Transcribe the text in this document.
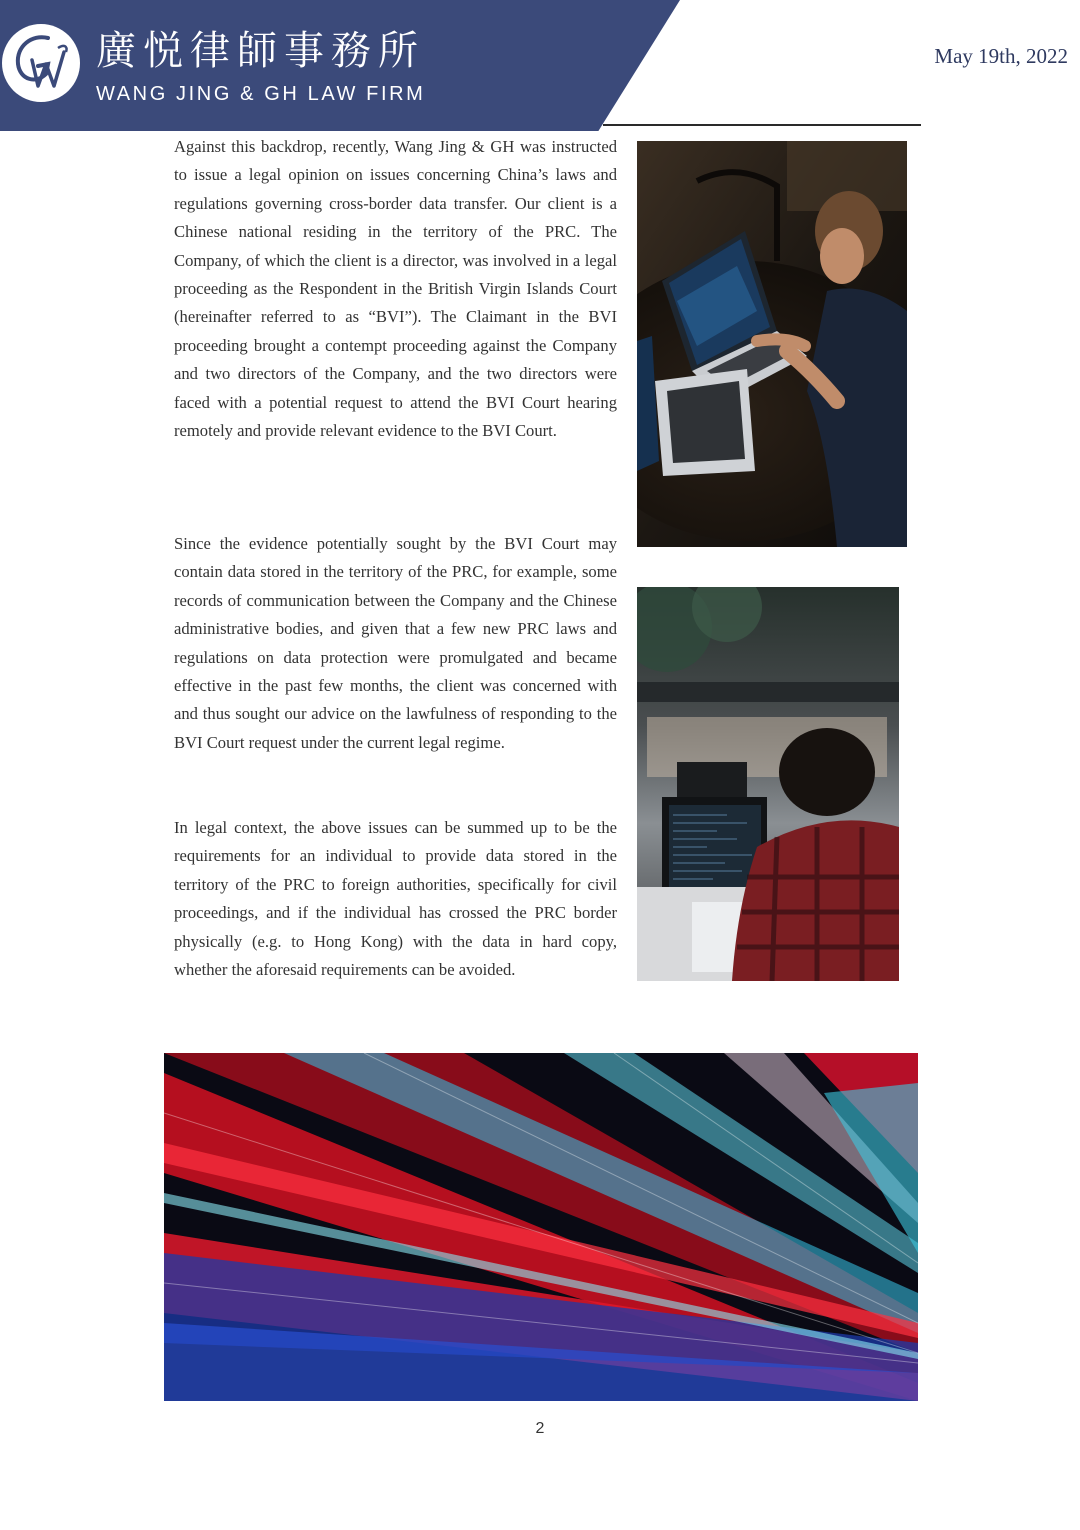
廣悦律師事務所
WANG JING & GH LAW FIRM
May 19th, 2022

Against this backdrop, recently, Wang Jing & GH was instructed to issue a legal opinion on issues concerning China’s laws and regulations governing cross-border data transfer. Our client is a Chinese national residing in the territory of the PRC. The Company, of which the client is a director, was involved in a legal proceeding as the Respondent in the British Virgin Islands Court (hereinafter referred to as “BVI”). The Claimant in the BVI proceeding brought a contempt proceeding against the Company and two directors of the Company, and the two directors were faced with a potential request to attend the BVI Court hearing remotely and provide relevant evidence to the BVI Court.

Since the evidence potentially sought by the BVI Court may contain data stored in the territory of the PRC, for example, some records of communication between the Company and the Chinese administrative bodies, and given that a few new PRC laws and regulations on data protection were promulgated and became effective in the past few months, the client was concerned with and thus sought our advice on the lawfulness of responding to the BVI Court request under the current legal regime.

In legal context, the above issues can be summed up to be the requirements for an individual to provide data stored in the territory of the PRC to foreign authorities, specifically for civil proceedings, and if the individual has crossed the PRC border physically (e.g. to Hong Kong) with the data in hard copy, whether the aforesaid requirements can be avoided.

2
